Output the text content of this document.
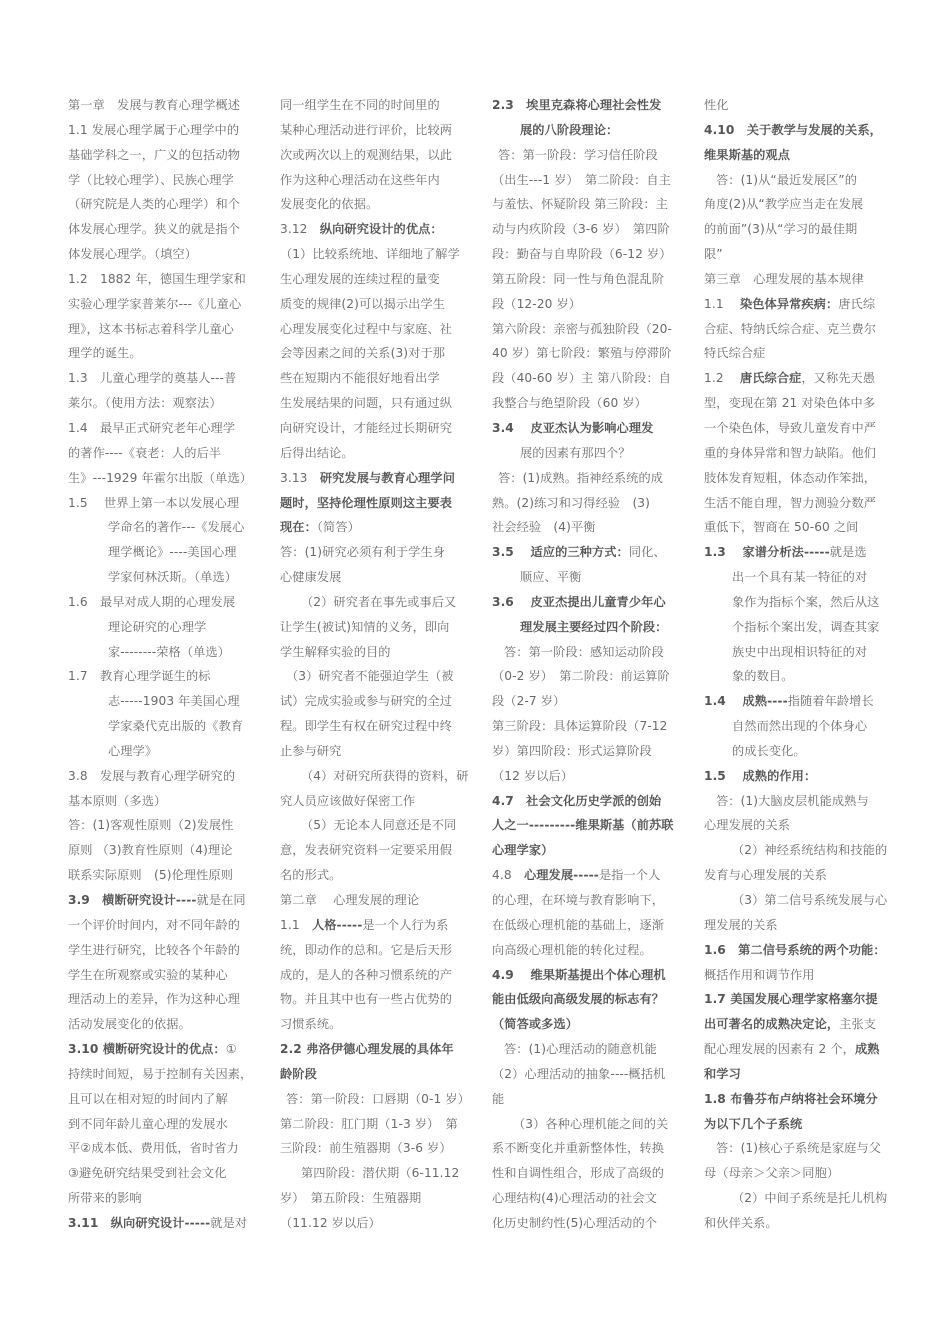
第一章　发展与教育心理学概述
1.1 发展心理学属于心理学中的
基础学科之一，广义的包括动物
学（比较心理学）、民族心理学
（研究院是人类的心理学）和个
体发展心理学。狭义的就是指个
体发展心理学。（填空）
1.2　1882 年，德国生理学家和
实验心理学家普莱尔---《儿童心
理》，这本书标志着科学儿童心
理学的诞生。
1.3　儿童心理学的奠基人---普
莱尔。（使用方法：观察法）
1.4　最早正式研究老年心理学
的著作----《衰老：人的后半
生》---1929 年霍尔出版（单选）
1.5　 世界上第一本以发展心理
学命名的著作---《发展心
理学概论》----美国心理
学家何林沃斯。（单选）
1.6　最早对成人期的心理发展
理论研究的心理学
家--------荣格（单选）
1.7　教育心理学诞生的标
志-----1903 年美国心理
学家桑代克出版的《教育
心理学》
3.8　发展与教育心理学研究的
基本原则（多选）
答：(1)客观性原则（2)发展性
原则 （3)教育性原则（4)理论
联系实际原则　(5)伦理性原则
3.9　横断研究设计----就是在同
一个评价时间内，对不同年龄的
学生进行研究，比较各个年龄的
学生在所观察或实验的某种心
理活动上的差异，作为这种心理
活动发展变化的依据。
3.10 横断研究设计的优点：①
持续时间短，易于控制有关因素，
且可以在相对短的时间内了解
到不同年龄儿童心理的发展水
平②成本低、费用低，省时省力
③避免研究结果受到社会文化
所带来的影响
3.11　纵向研究设计-----就是对
同一组学生在不同的时间里的
某种心理活动进行评价，比较两
次或两次以上的观测结果，以此
作为这种心理活动在这些年内
发展变化的依据。
3.12　纵向研究设计的优点：
（1）比较系统地、详细地了解学
生心理发展的连续过程的量变
质变的规律(2)可以揭示出学生
心理发展变化过程中与家庭、社
会等因素之间的关系(3)对于那
些在短期内不能很好地看出学
生发展结果的问题，只有通过纵
向研究设计，才能经过长期研究
后得出结论。
3.13　研究发展与教育心理学问
题时，坚持伦理性原则这主要表
现在：（简答）
答：(1)研究必须有利于学生身
心健康发展
（2）研究者在事先或事后又
让学生(被试)知情的义务，即向
学生解释实验的目的
（3）研究者不能强迫学生（被
试）完成实验或参与研究的全过
程。即学生有权在研究过程中终
止参与研究
（4）对研究所获得的资料，研
究人员应该做好保密工作
（5）无论本人同意还是不同
意，发表研究资料一定要采用假
名的形式。
第二章　 心理发展的理论
1.1　人格-----是一个人行为系
统，即动作的总和。它是后天形
成的，是人的各种习惯系统的产
物。并且其中也有一些占优势的
习惯系统。
2.2 弗洛伊德心理发展的具体年
龄阶段
答：第一阶段：口唇期（0-1 岁）
第二阶段：肛门期（1-3 岁）　第
三阶段：前生殖器期（3-6 岁）
第四阶段：潜伏期（6-11.12
岁）　第五阶段：生殖器期
（11.12 岁以后）
2.3　埃里克森将心理社会性发
展的八阶段理论：
答：第一阶段：学习信任阶段
（出生---1 岁）　第二阶段：自主
与羞怯、怀疑阶段 第三阶段：主
动与内疚阶段（3-6 岁）　第四阶
段：勤奋与自卑阶段（6-12 岁）
第五阶段：同一性与角色混乱阶
段（12-20 岁）
第六阶段：亲密与孤独阶段（20-
40 岁）第七阶段：繁殖与停滞阶
段（40-60 岁）主 第八阶段：自
我整合与绝望阶段（60 岁）
3.4　 皮亚杰认为影响心理发
展的因素有那四个？
答：(1)成熟。指神经系统的成
熟。(2)练习和习得经验　(3)
社会经验　(4)平衡
3.5　 适应的三种方式：同化、
顺应、平衡
3.6　 皮亚杰提出儿童青少年心
理发展主要经过四个阶段：
答：第一阶段：感知运动阶段
（0-2 岁）　第二阶段：前运算阶
段（2-7 岁）
第三阶段：具体运算阶段（7-12
岁）第四阶段：形式运算阶段
（12 岁以后）
4.7　社会文化历史学派的创始
人之一---------维果斯基（前苏联
心理学家）
4.8　心理发展-----是指一个人
的心理，在环境与教育影响下，
在低级心理机能的基础上，逐渐
向高级心理机能的转化过程。
4.9　 维果斯基提出个体心理机
能由低级向高级发展的标志有？
（简答或多选）
答：(1)心理活动的随意机能
（2）心理活动的抽象----概括机
能
（3）各种心理机能之间的关
系不断变化并重新整体性，转换
性和自调性组合，形成了高级的
心理结构(4)心理活动的社会文
化历史制约性(5)心理活动的个
性化
4.10　关于教学与发展的关系，
维果斯基的观点
答：(1)从“最近发展区”的
角度(2)从“教学应当走在发展
的前面”(3)从“学习的最佳期
限”
第三章　心理发展的基本规律
1.1　 染色体异常疾病：唐氏综
合症、特纳氏综合症、克兰费尔
特氏综合症
1.2　 唐氏综合症，又称先天愚
型，变现在第 21 对染色体中多
一个染色体，导致儿童发育中严
重的身体异常和智力缺陷。他们
肢体发育短粗，体态动作笨拙，
生活不能自理，智力测验分数严
重低下，智商在 50-60 之间
1.3　 家谱分析法-----就是选
出一个具有某一特征的对
象作为指标个案，然后从这
个指标个案出发，调查其家
族史中出现相识特征的对
象的数目。
1.4　 成熟----指随着年龄增长
自然而然出现的个体身心
的成长变化。
1.5　 成熟的作用：
答：(1)大脑皮层机能成熟与
心理发展的关系
（2）神经系统结构和技能的
发育与心理发展的关系
（3）第二信号系统发展与心
理发展的关系
1.6　第二信号系统的两个功能：
概括作用和调节作用
1.7 美国发展心理学家格塞尔提
出可著名的成熟决定论，主张支
配心理发展的因素有 2 个，成熟
和学习
1.8 布鲁芬布卢纳将社会环境分
为以下几个子系统
答：(1)核心子系统是家庭与父
母（母亲＞父亲＞同胞）
（2）中间子系统是托儿机构
和伙伴关系。
